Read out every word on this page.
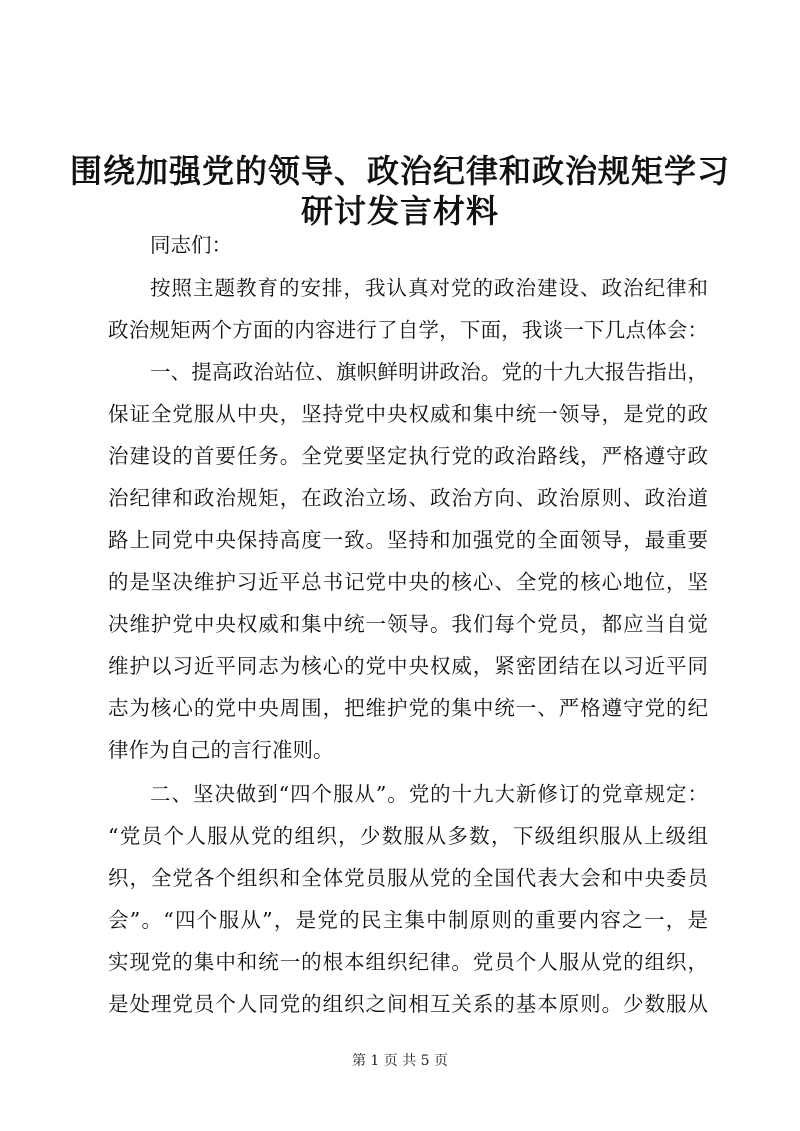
围绕加强党的领导、政治纪律和政治规矩学习
研讨发言材料
同志们：
按照主题教育的安排，我认真对党的政治建设、政治纪律和
政治规矩两个方面的内容进行了自学，下面，我谈一下几点体会：
一、提高政治站位、旗帜鲜明讲政治。党的十九大报告指出，
保证全党服从中央，坚持党中央权威和集中统一领导，是党的政
治建设的首要任务。全党要坚定执行党的政治路线，严格遵守政
治纪律和政治规矩，在政治立场、政治方向、政治原则、政治道
路上同党中央保持高度一致。坚持和加强党的全面领导，最重要
的是坚决维护习近平总书记党中央的核心、全党的核心地位，坚
决维护党中央权威和集中统一领导。我们每个党员，都应当自觉
维护以习近平同志为核心的党中央权威，紧密团结在以习近平同
志为核心的党中央周围，把维护党的集中统一、严格遵守党的纪
律作为自己的言行准则。
二、坚决做到“四个服从”。党的十九大新修订的党章规定：
“党员个人服从党的组织，少数服从多数，下级组织服从上级组
织，全党各个组织和全体党员服从党的全国代表大会和中央委员
会”。“四个服从”，是党的民主集中制原则的重要内容之一，是
实现党的集中和统一的根本组织纪律。党员个人服从党的组织，
是处理党员个人同党的组织之间相互关系的基本原则。少数服从
第 1 页 共 5 页
